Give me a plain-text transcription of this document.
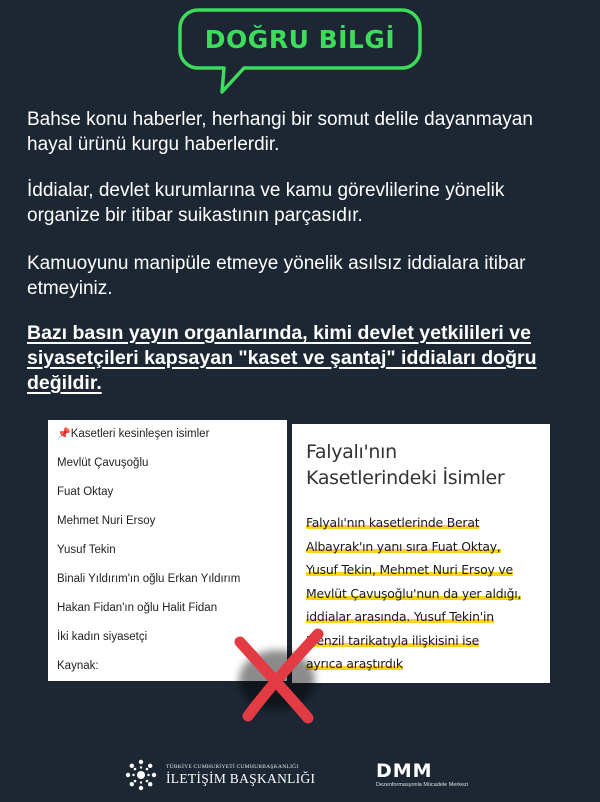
DOĞRU BİLGİ
Bahse konu haberler, herhangi bir somut delile dayanmayan hayal ürünü kurgu haberlerdir.
İddialar, devlet kurumlarına ve kamu görevlilerine yönelik organize bir itibar suikastının parçasıdır.
Kamuoyunu manipüle etmeye yönelik asılsız iddialara itibar etmeyiniz.
Bazı basın yayın organlarında, kimi devlet yetkilileri ve siyasetçileri kapsayan "kaset ve şantaj" iddiaları doğru değildir.
📌Kasetleri kesinleşen isimler
Mevlüt Çavuşoğlu
Fuat Oktay
Mehmet Nuri Ersoy
Yusuf Tekin
Binali Yıldırım'ın oğlu Erkan Yıldırım
Hakan Fidan'ın oğlu Halit Fidan
İki kadın siyasetçi
Kaynak:
Falyalı'nın
Kasetlerindeki İsimler
Falyalı'nın kasetlerinde Berat
Albayrak'ın yanı sıra Fuat Oktay,
Yusuf Tekin, Mehmet Nuri Ersoy ve
Mevlüt Çavuşoğlu'nun da yer aldığı,
iddialar arasında. Yusuf Tekin'in
Menzil tarikatıyla ilişkisini ise
ayrıca araştırdık
TÜRKİYE CUMHURİYETİ CUMHURBAŞKANLIĞI
İLETİŞİM BAŞKANLIĞI	DMM
Dezenformasyonla Mücadele Merkezi
